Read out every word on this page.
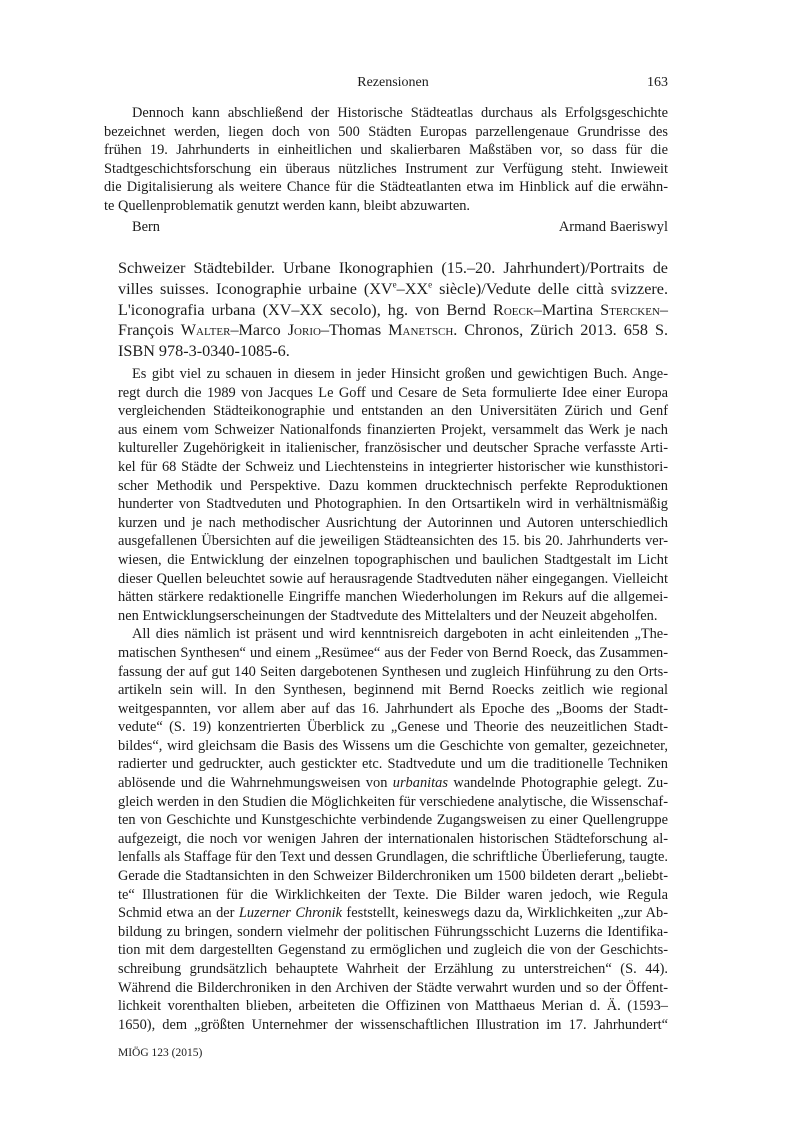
Rezensionen	163

Dennoch kann abschließend der Historische Städteatlas durchaus als Erfolgsgeschichte
bezeichnet werden, liegen doch von 500 Städten Europas parzellengenaue Grundrisse des
frühen 19. Jahrhunderts in einheitlichen und skalierbaren Maßstäben vor, so dass für die
Stadtgeschichtsforschung ein überaus nützliches Instrument zur Verfügung steht. Inwieweit
die Digitalisierung als weitere Chance für die Städteatlanten etwa im Hinblick auf die erwähn-
te Quellenproblematik genutzt werden kann, bleibt abzuwarten.

Bern	Armand Baeriswyl
Schweizer Städtebilder. Urbane Ikonographien (15.–20. Jahrhundert)/Portraits de
villes suisses. Iconographie urbaine (XVe–XXe siècle)/Vedute delle città svizzere.
L'iconografia urbana (XV–XX secolo), hg. von Bernd Roeck–Martina Stercken–
François Walter–Marco Jorio–Thomas Manetsch. Chronos, Zürich 2013. 658 S.
ISBN 978-3-0340-1085-6.
Es gibt viel zu schauen in diesem in jeder Hinsicht großen und gewichtigen Buch. Ange-
regt durch die 1989 von Jacques Le Goff und Cesare de Seta formulierte Idee einer Europa
vergleichenden Städteikonographie und entstanden an den Universitäten Zürich und Genf
aus einem vom Schweizer Nationalfonds finanzierten Projekt, versammelt das Werk je nach
kultureller Zugehörigkeit in italienischer, französischer und deutscher Sprache verfasste Arti-
kel für 68 Städte der Schweiz und Liechtensteins in integrierter historischer wie kunsthistori-
scher Methodik und Perspektive. Dazu kommen drucktechnisch perfekte Reproduktionen
hunderter von Stadtveduten und Photographien. In den Ortsartikeln wird in verhältnismäßig
kurzen und je nach methodischer Ausrichtung der Autorinnen und Autoren unterschiedlich
ausgefallenen Übersichten auf die jeweiligen Städteansichten des 15. bis 20. Jahrhunderts ver-
wiesen, die Entwicklung der einzelnen topographischen und baulichen Stadtgestalt im Licht
dieser Quellen beleuchtet sowie auf herausragende Stadtveduten näher eingegangen. Vielleicht
hätten stärkere redaktionelle Eingriffe manchen Wiederholungen im Rekurs auf die allgemei-
nen Entwicklungserscheinungen der Stadtvedute des Mittelalters und der Neuzeit abgeholfen.
All dies nämlich ist präsent und wird kenntnisreich dargeboten in acht einleitenden „The-
matischen Synthesen“ und einem „Resümee“ aus der Feder von Bernd Roeck, das Zusammen-
fassung der auf gut 140 Seiten dargebotenen Synthesen und zugleich Hinführung zu den Orts-
artikeln sein will. In den Synthesen, beginnend mit Bernd Roecks zeitlich wie regional
weitgespannten, vor allem aber auf das 16. Jahrhundert als Epoche des „Booms der Stadt-
vedute“ (S. 19) konzentrierten Überblick zu „Genese und Theorie des neuzeitlichen Stadt-
bildes“, wird gleichsam die Basis des Wissens um die Geschichte von gemalter, gezeichneter,
radierter und gedruckter, auch gestickter etc. Stadtvedute und um die traditionelle Techniken
ablösende und die Wahrnehmungsweisen von urbanitas wandelnde Photographie gelegt. Zu-
gleich werden in den Studien die Möglichkeiten für verschiedene analytische, die Wissenschaf-
ten von Geschichte und Kunstgeschichte verbindende Zugangsweisen zu einer Quellengruppe
aufgezeigt, die noch vor wenigen Jahren der internationalen historischen Städteforschung al-
lenfalls als Staffage für den Text und dessen Grundlagen, die schriftliche Überlieferung, taugte.
Gerade die Stadtansichten in den Schweizer Bilderchroniken um 1500 bildeten derart „beliebt-
te“ Illustrationen für die Wirklichkeiten der Texte. Die Bilder waren jedoch, wie Regula
Schmid etwa an der Luzerner Chronik feststellt, keineswegs dazu da, Wirklichkeiten „zur Ab-
bildung zu bringen, sondern vielmehr der politischen Führungsschicht Luzerns die Identifika-
tion mit dem dargestellten Gegenstand zu ermöglichen und zugleich die von der Geschichts-
schreibung grundsätzlich behauptete Wahrheit der Erzählung zu unterstreichen“ (S. 44).
Während die Bilderchroniken in den Archiven der Städte verwahrt wurden und so der Öffent-
lichkeit vorenthalten blieben, arbeiteten die Offizinen von Matthaeus Merian d. Ä. (1593–
1650), dem „größten Unternehmer der wissenschaftlichen Illustration im 17. Jahrhundert“
MIÖG 123 (2015)
